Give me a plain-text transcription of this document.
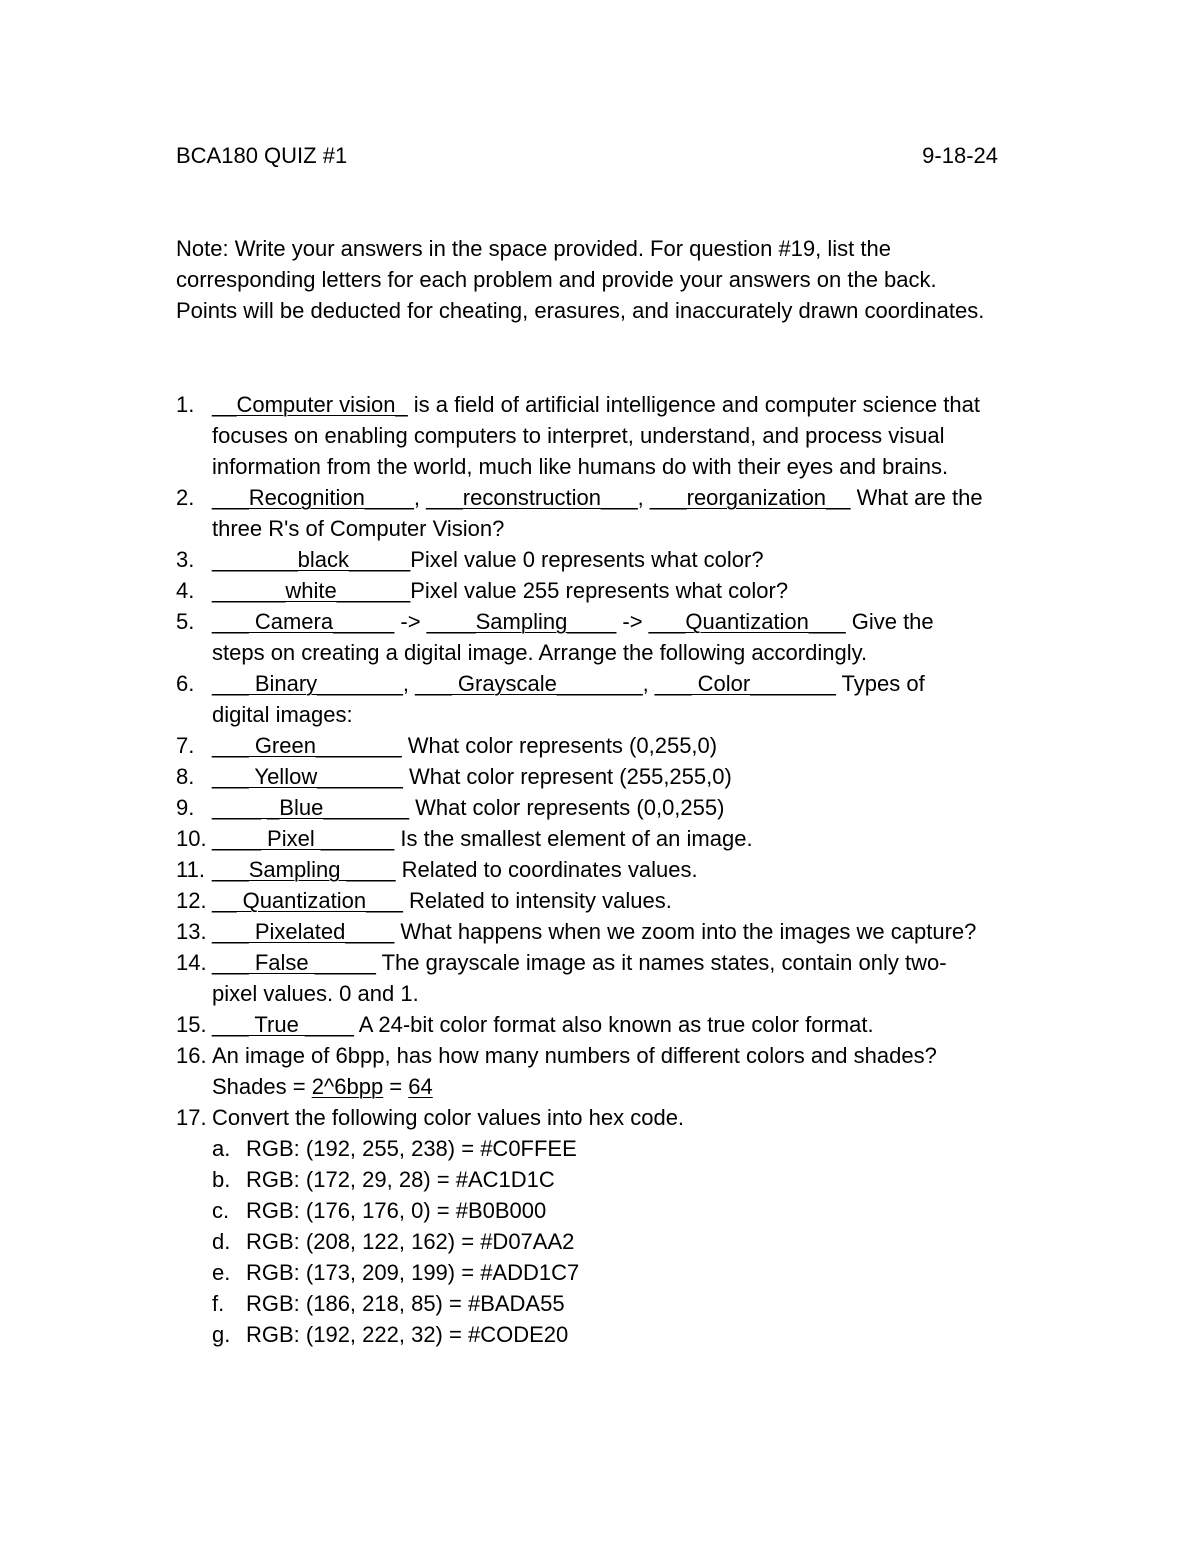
BCA180 QUIZ #1	9-18-24
Note: Write your answers in the space provided. For question #19, list the
corresponding letters for each problem and provide your answers on the back.
Points will be deducted for cheating, erasures, and inaccurately drawn coordinates.
1. __Computer vision_ is a field of artificial intelligence and computer science that
focuses on enabling computers to interpret, understand, and process visual
information from the world, much like humans do with their eyes and brains.
2. ___Recognition____, ___reconstruction___, ___reorganization__ What are the
three R's of Computer Vision?
3. _______black_____Pixel value 0 represents what color?
4. ______white______Pixel value 255 represents what color?
5. ___ Camera_____ -> ____Sampling____ -> ___Quantization___ Give the
steps on creating a digital image. Arrange the following accordingly.
6. ___ Binary_______, ___ Grayscale_______, ___ Color_______ Types of
digital images:
7. ___ Green_______ What color represents (0,255,0)
8. ___ Yellow_______ What color represent (255,255,0)
9. ____ _Blue_______ What color represents (0,0,255)
10. ____ Pixel ______ Is the smallest element of an image.
11. ___Sampling ____ Related to coordinates values.
12. __ Quantization___ Related to intensity values.
13. ___ Pixelated____ What happens when we zoom into the images we capture?
14. ___ False _____ The grayscale image as it names states, contain only two-
pixel values. 0 and 1.
15. ___ True ____ A 24-bit color format also known as true color format.
16. An image of 6bpp, has how many numbers of different colors and shades?
Shades = 2^6bpp = 64
17. Convert the following color values into hex code.
a. RGB: (192, 255, 238) = #C0FFEE
b. RGB: (172, 29, 28) = #AC1D1C
c. RGB: (176, 176, 0) = #B0B000
d. RGB: (208, 122, 162) = #D07AA2
e. RGB: (173, 209, 199) = #ADD1C7
f. RGB: (186, 218, 85) = #BADA55
g. RGB: (192, 222, 32) = #CODE20
